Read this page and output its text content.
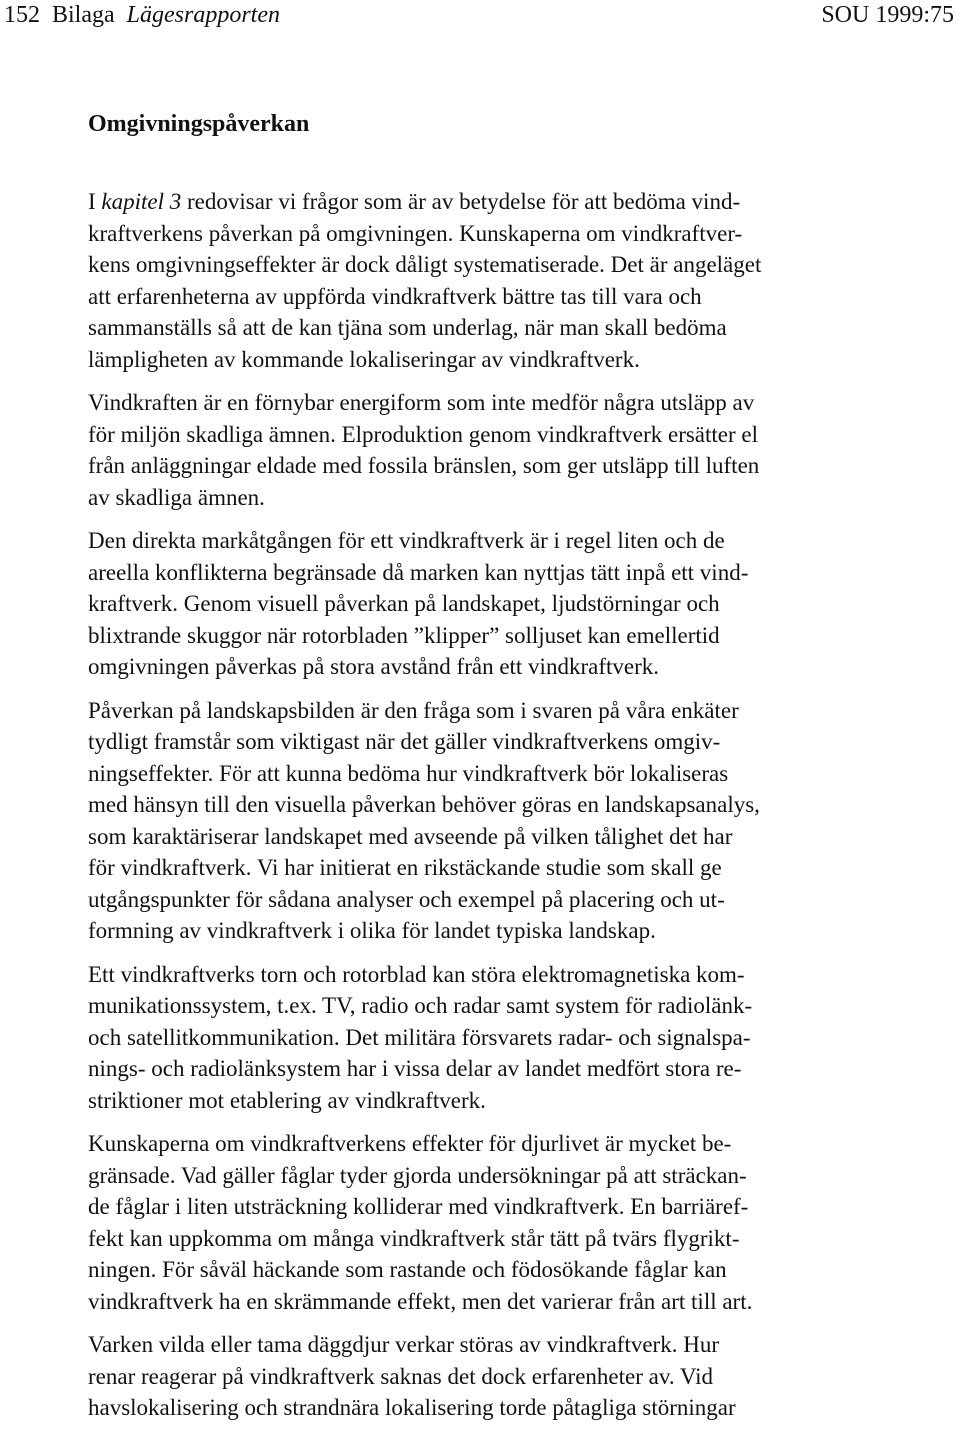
152 Bilaga Lägesrapporten	SOU 1999:75
Omgivningspåverkan

I kapitel 3 redovisar vi frågor som är av betydelse för att bedöma vind-
kraftverkens påverkan på omgivningen. Kunskaperna om vindkraftver-
kens omgivningseffekter är dock dåligt systematiserade. Det är angeläget
att erfarenheterna av uppförda vindkraftverk bättre tas till vara och
sammanställs så att de kan tjäna som underlag, när man skall bedöma
lämpligheten av kommande lokaliseringar av vindkraftverk.

Vindkraften är en förnybar energiform som inte medför några utsläpp av
för miljön skadliga ämnen. Elproduktion genom vindkraftverk ersätter el
från anläggningar eldade med fossila bränslen, som ger utsläpp till luften
av skadliga ämnen.

Den direkta markåtgången för ett vindkraftverk är i regel liten och de
areella konflikterna begränsade då marken kan nyttjas tätt inpå ett vind-
kraftverk. Genom visuell påverkan på landskapet, ljudstörningar och
blixtrande skuggor när rotorbladen ”klipper” solljuset kan emellertid
omgivningen påverkas på stora avstånd från ett vindkraftverk.

Påverkan på landskapsbilden är den fråga som i svaren på våra enkäter
tydligt framstår som viktigast när det gäller vindkraftverkens omgiv-
ningseffekter. För att kunna bedöma hur vindkraftverk bör lokaliseras
med hänsyn till den visuella påverkan behöver göras en landskapsanalys,
som karaktäriserar landskapet med avseende på vilken tålighet det har
för vindkraftverk. Vi har initierat en rikstäckande studie som skall ge
utgångspunkter för sådana analyser och exempel på placering och ut-
formning av vindkraftverk i olika för landet typiska landskap.

Ett vindkraftverks torn och rotorblad kan störa elektromagnetiska kom-
munikationssystem, t.ex. TV, radio och radar samt system för radiolänk-
och satellitkommunikation. Det militära försvarets radar- och signalspa-
nings- och radiolänksystem har i vissa delar av landet medfört stora re-
striktioner mot etablering av vindkraftverk.

Kunskaperna om vindkraftverkens effekter för djurlivet är mycket be-
gränsade. Vad gäller fåglar tyder gjorda undersökningar på att sträckan-
de fåglar i liten utsträckning kolliderar med vindkraftverk. En barriäref-
fekt kan uppkomma om många vindkraftverk står tätt på tvärs flygrikt-
ningen. För såväl häckande som rastande och födosökande fåglar kan
vindkraftverk ha en skrämmande effekt, men det varierar från art till art.

Varken vilda eller tama däggdjur verkar störas av vindkraftverk. Hur
renar reagerar på vindkraftverk saknas det dock erfarenheter av. Vid
havslokalisering och strandnära lokalisering torde påtagliga störningar
